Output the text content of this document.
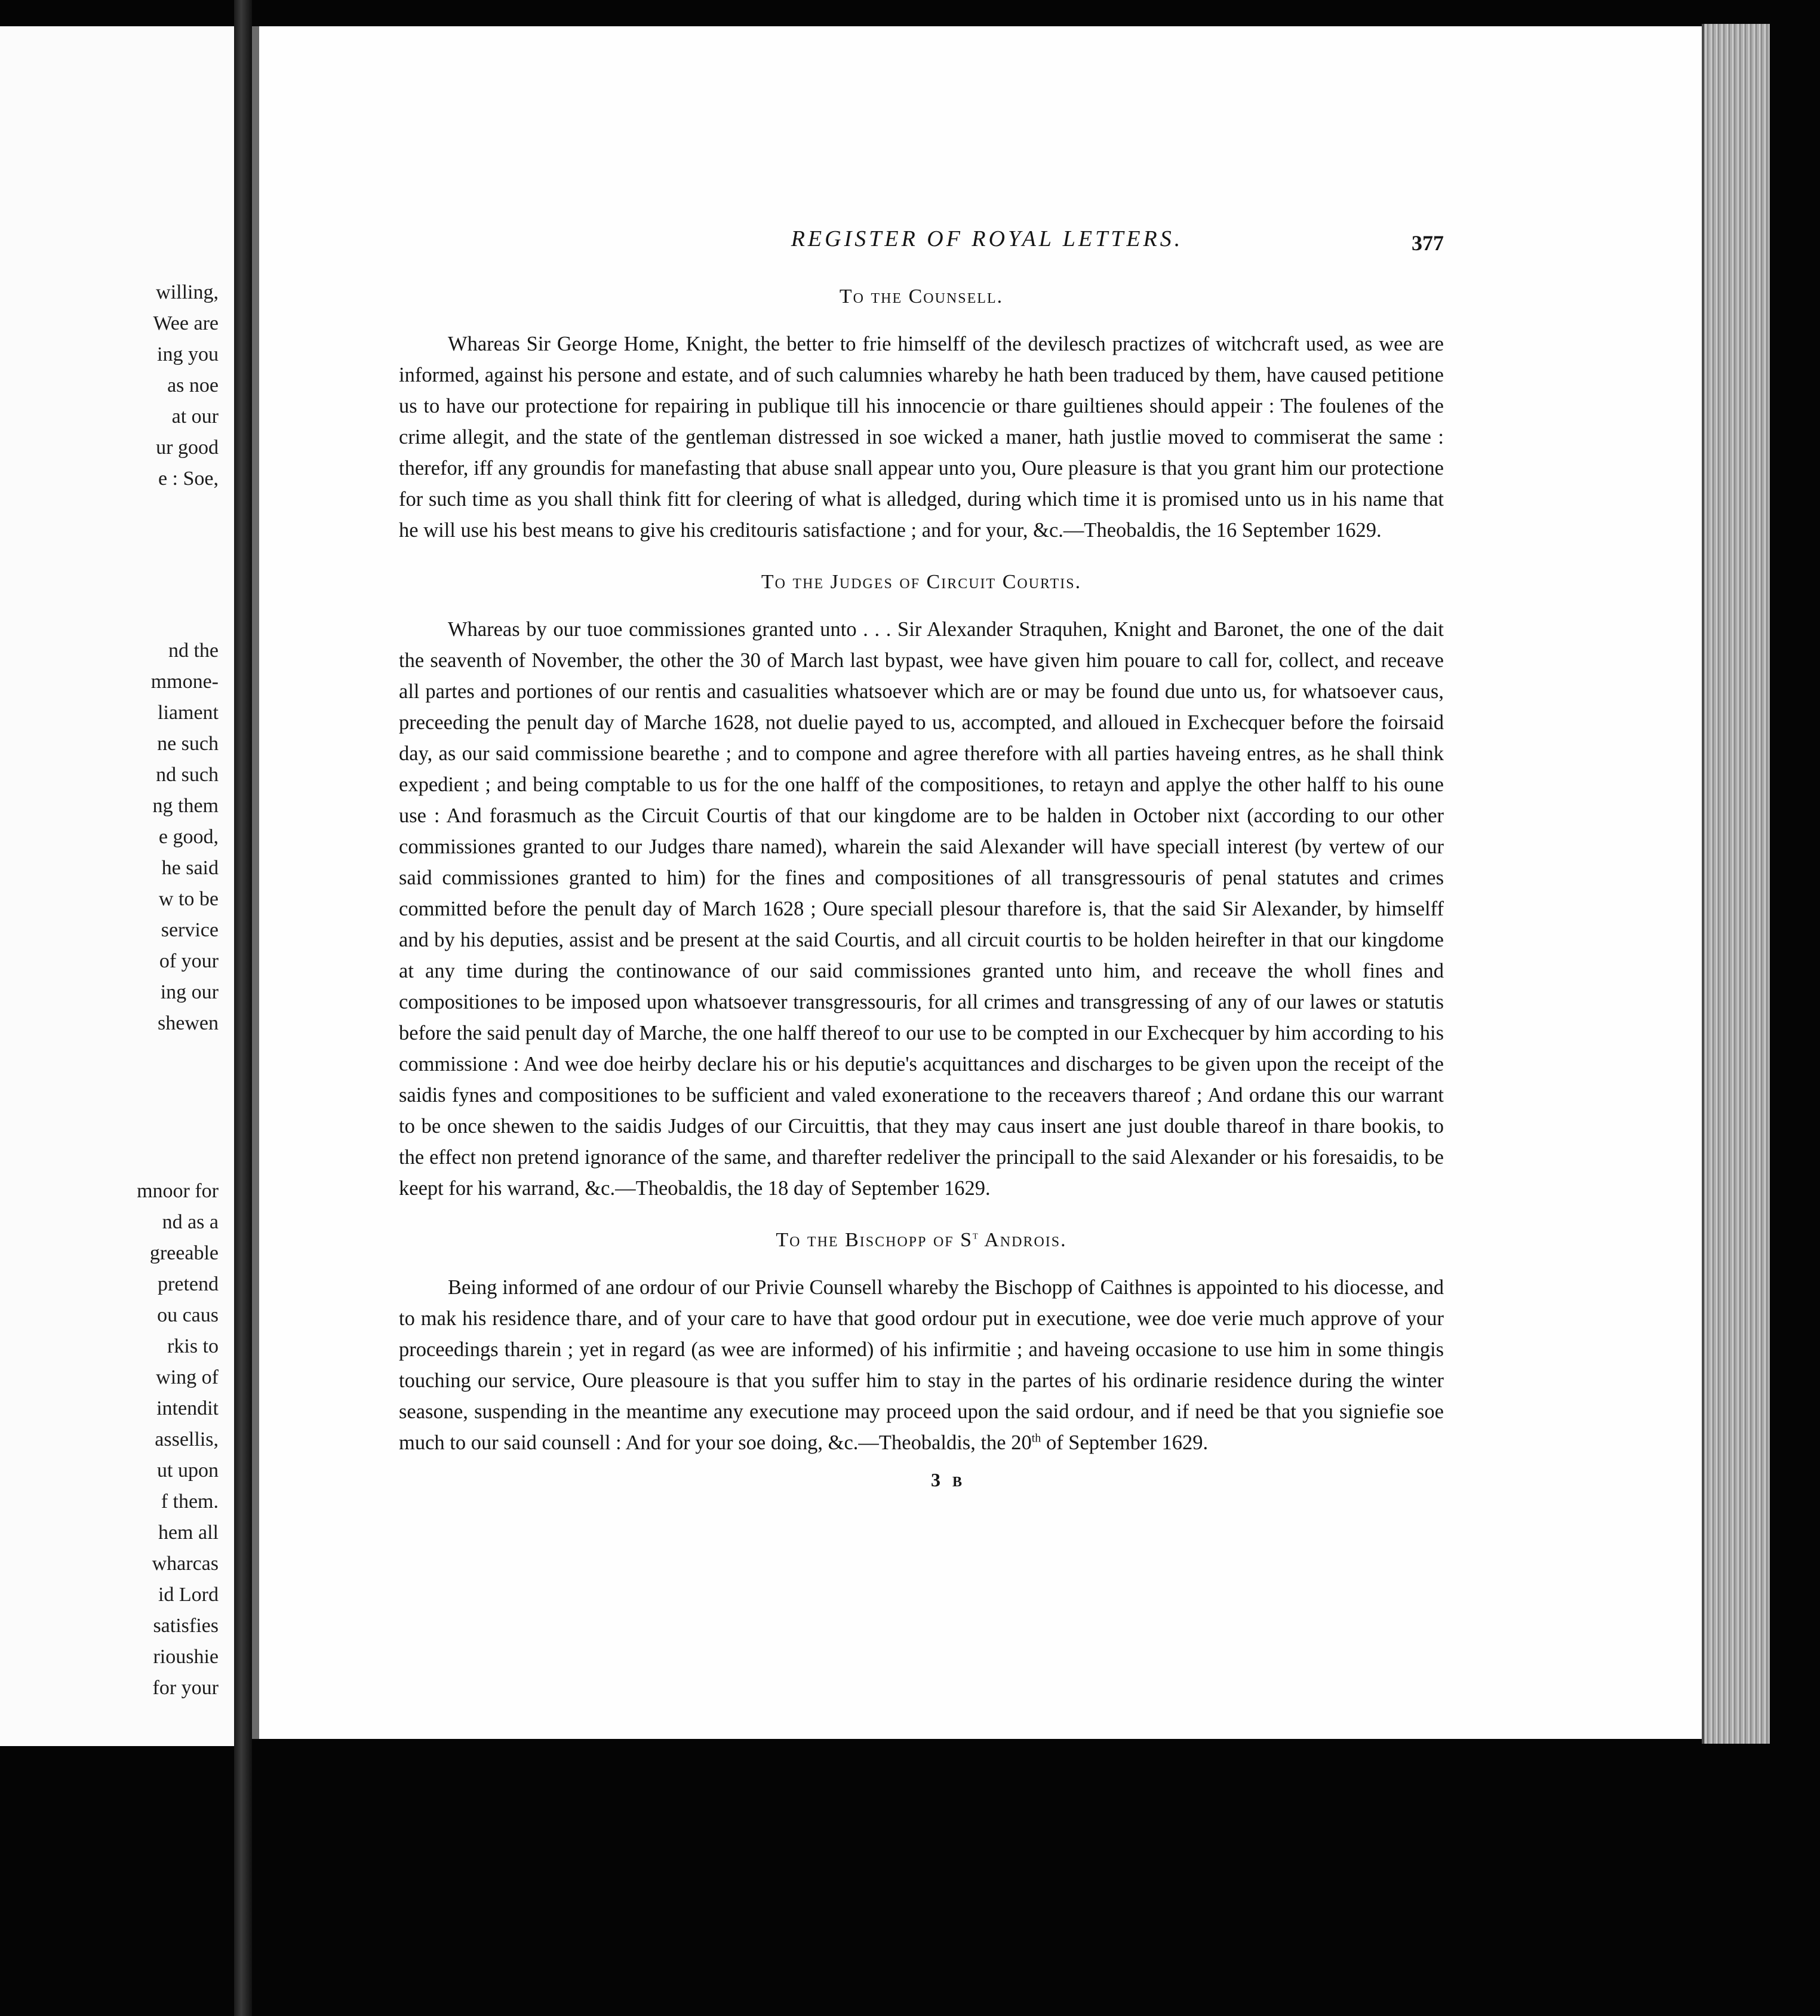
willing,
Wee are
ing you
as noe
at our
ur good
e : Soe,
nd the
mmone-
liament
ne such
nd such
ng them
e good,
he said
w to be
service
of your
ing our
shewen
mnoor for
nd as a
greeable
pretend
ou caus
rkis to
wing of
intendit
assellis,
ut upon
f them.
hem all
wharcas
id Lord
satisfies
rioushie
for your
REGISTER OF ROYAL LETTERS.	377
To the Counsell.

Whareas Sir George Home, Knight, the better to frie himselff of the devilesch practizes of witchcraft used, as wee are informed, against his persone and estate, and of such calumnies whareby he hath been traduced by them, have caused petitione us to have our protectione for repairing in publique till his innocencie or thare guiltienes should appeir : The foulenes of the crime allegit, and the state of the gentleman distressed in soe wicked a maner, hath justlie moved to commiserat the same : therefor, iff any groundis for manefasting that abuse snall appear unto you, Oure pleasure is that you grant him our protectione for such time as you shall think fitt for cleering of what is alledged, during which time it is promised unto us in his name that he will use his best means to give his creditouris satisfactione ; and for your, &c.—Theobaldis, the 16 September 1629.

To the Judges of Circuit Courtis.

Whareas by our tuoe commissiones granted unto . . . Sir Alexander Straquhen, Knight and Baronet, the one of the dait the seaventh of November, the other the 30 of March last bypast, wee have given him pouare to call for, collect, and receave all partes and portiones of our rentis and casualities whatsoever which are or may be found due unto us, for whatsoever caus, preceeding the penult day of Marche 1628, not duelie payed to us, accompted, and alloued in Exchecquer before the foirsaid day, as our said commissione bearethe ; and to compone and agree therefore with all parties haveing entres, as he shall think expedient ; and being comptable to us for the one halff of the compositiones, to retayn and applye the other halff to his oune use : And forasmuch as the Circuit Courtis of that our kingdome are to be halden in October nixt (according to our other commissiones granted to our Judges thare named), wharein the said Alexander will have speciall interest (by vertew of our said commissiones granted to him) for the fines and compositiones of all transgressouris of penal statutes and crimes committed before the penult day of March 1628 ; Oure speciall plesour tharefore is, that the said Sir Alexander, by himselff and by his deputies, assist and be present at the said Courtis, and all circuit courtis to be holden heirefter in that our kingdome at any time during the continowance of our said commissiones granted unto him, and receave the wholl fines and compositiones to be imposed upon whatsoever transgressouris, for all crimes and transgressing of any of our lawes or statutis before the said penult day of Marche, the one halff thereof to our use to be compted in our Exchecquer by him according to his commissione : And wee doe heirby declare his or his deputie's acquittances and discharges to be given upon the receipt of the saidis fynes and compositiones to be sufficient and valed exoneratione to the receavers thareof ; And ordane this our warrant to be once shewen to the saidis Judges of our Circuittis, that they may caus insert ane just double thareof in thare bookis, to the effect non pretend ignorance of the same, and tharefter redeliver the principall to the said Alexander or his foresaidis, to be keept for his warrand, &c.—Theobaldis, the 18 day of September 1629.

To the Bischopp of $S^t$ Androis.

Being informed of ane ordour of our Privie Counsell whareby the Bischopp of Caithnes is appointed to his diocesse, and to mak his residence thare, and of your care to have that good ordour put in executione, wee doe verie much approve of your proceedings tharein ; yet in regard (as wee are informed) of his infirmitie ; and haveing occasione to use him in some thingis touching our service, Oure pleasoure is that you suffer him to stay in the partes of his ordinarie residence during the winter seasone, suspending in the meantime any executione may proceed upon the said ordour, and if need be that you signiefie soe much to our said counsell : And for your soe doing, &c.—Theobaldis, the 20th of September 1629.

3 B
